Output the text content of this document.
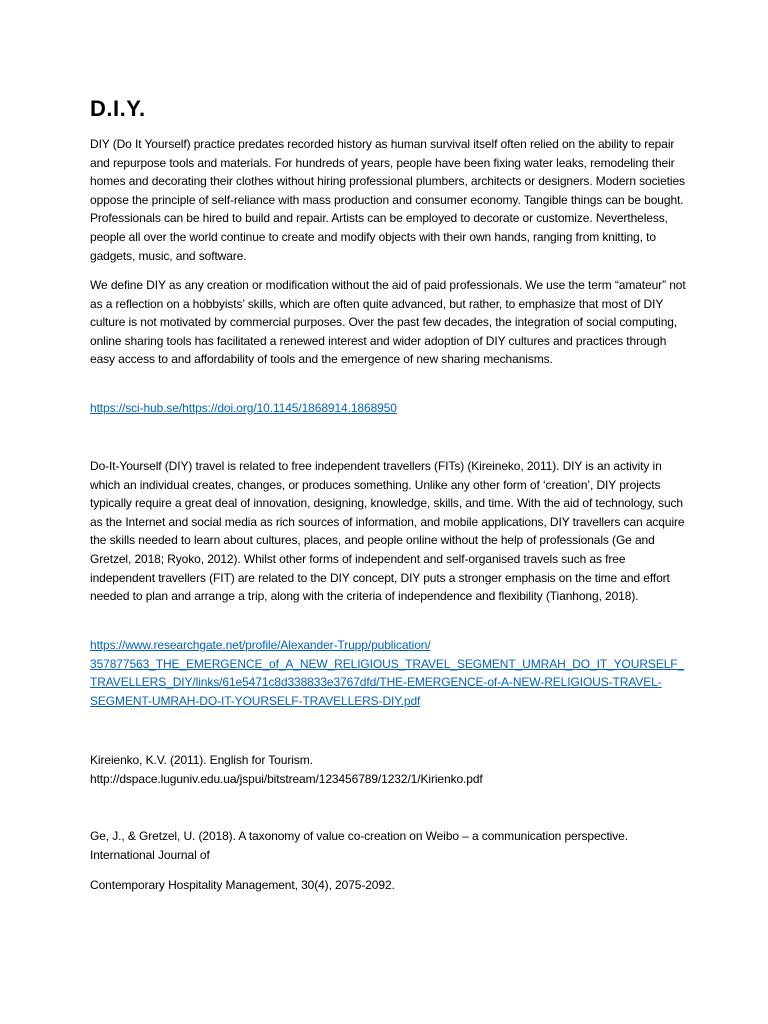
D.I.Y.

DIY (Do It Yourself) practice predates recorded history as human survival itself often relied on the ability to repair and repurpose tools and materials. For hundreds of years, people have been fixing water leaks, remodeling their homes and decorating their clothes without hiring professional plumbers, architects or designers. Modern societies oppose the principle of self-reliance with mass production and consumer economy. Tangible things can be bought. Professionals can be hired to build and repair. Artists can be employed to decorate or customize. Nevertheless, people all over the world continue to create and modify objects with their own hands, ranging from knitting, to gadgets, music, and software.

We define DIY as any creation or modification without the aid of paid professionals. We use the term “amateur” not as a reflection on a hobbyists’ skills, which are often quite advanced, but rather, to emphasize that most of DIY culture is not motivated by commercial purposes. Over the past few decades, the integration of social computing, online sharing tools has facilitated a renewed interest and wider adoption of DIY cultures and practices through easy access to and affordability of tools and the emergence of new sharing mechanisms.

https://sci-hub.se/https://doi.org/10.1145/1868914.1868950

Do-It-Yourself (DIY) travel is related to free independent travellers (FITs) (Kireineko, 2011). DIY is an activity in which an individual creates, changes, or produces something. Unlike any other form of ‘creation’, DIY projects typically require a great deal of innovation, designing, knowledge, skills, and time. With the aid of technology, such as the Internet and social media as rich sources of information, and mobile applications, DIY travellers can acquire the skills needed to learn about cultures, places, and people online without the help of professionals (Ge and Gretzel, 2018; Ryoko, 2012). Whilst other forms of independent and self-organised travels such as free independent travellers (FIT) are related to the DIY concept, DIY puts a stronger emphasis on the time and effort needed to plan and arrange a trip, along with the criteria of independence and flexibility (Tianhong, 2018).

https://www.researchgate.net/profile/Alexander-Trupp/publication/
357877563_THE_EMERGENCE_of_A_NEW_RELIGIOUS_TRAVEL_SEGMENT_UMRAH_DO_IT_YOURSELF_
TRAVELLERS_DIY/links/61e5471c8d338833e3767dfd/THE-EMERGENCE-of-A-NEW-RELIGIOUS-TRAVEL-
SEGMENT-UMRAH-DO-IT-YOURSELF-TRAVELLERS-DIY.pdf
Kireienko, K.V. (2011). English for Tourism.
http://dspace.luguniv.edu.ua/jspui/bitstream/123456789/1232/1/Kirienko.pdf

Ge, J., & Gretzel, U. (2018). A taxonomy of value co-creation on Weibo – a communication perspective. International Journal of

Contemporary Hospitality Management, 30(4), 2075-2092.
